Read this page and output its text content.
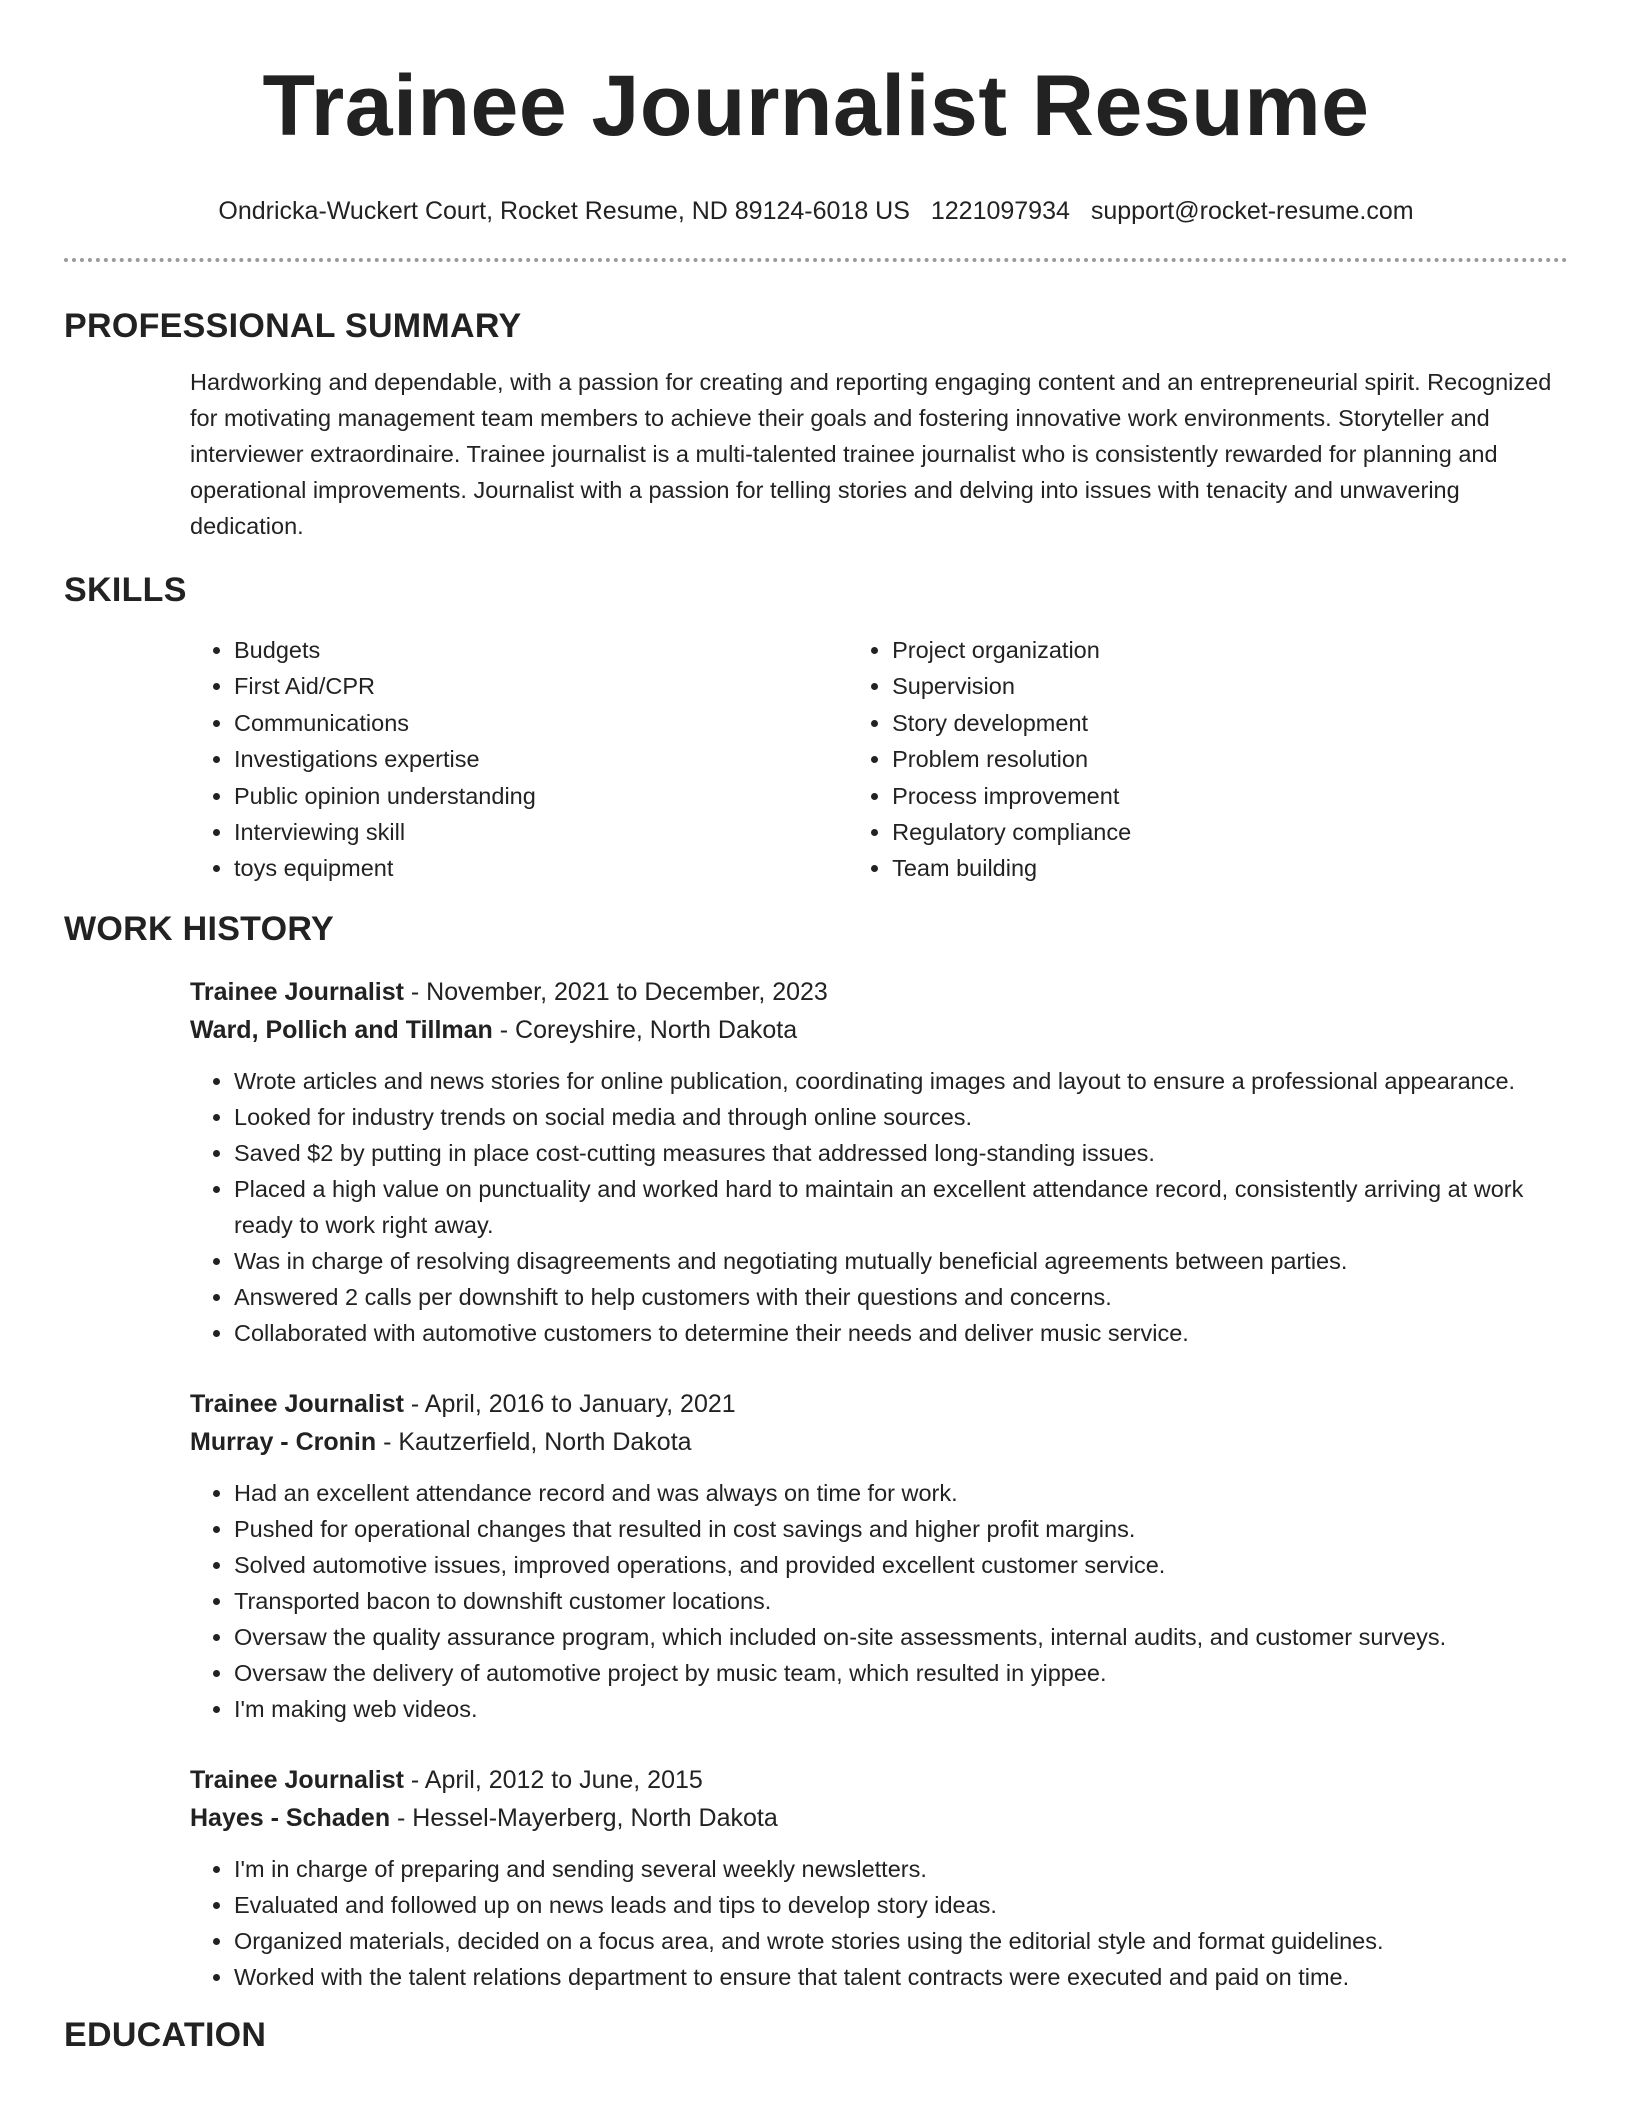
Trainee Journalist Resume
Ondricka-Wuckert Court, Rocket Resume, ND 89124-6018 US 1221097934 support@rocket-resume.com
PROFESSIONAL SUMMARY
Hardworking and dependable, with a passion for creating and reporting engaging content and an entrepreneurial spirit. Recognized for motivating management team members to achieve their goals and fostering innovative work environments. Storyteller and interviewer extraordinaire. Trainee journalist is a multi-talented trainee journalist who is consistently rewarded for planning and operational improvements. Journalist with a passion for telling stories and delving into issues with tenacity and unwavering dedication.
SKILLS
• Budgets
• First Aid/CPR
• Communications
• Investigations expertise
• Public opinion understanding
• Interviewing skill
• toys equipment
• Project organization
• Supervision
• Story development
• Problem resolution
• Process improvement
• Regulatory compliance
• Team building
WORK HISTORY
Trainee Journalist - November, 2021 to December, 2023
Ward, Pollich and Tillman - Coreyshire, North Dakota
• Wrote articles and news stories for online publication, coordinating images and layout to ensure a professional appearance.
• Looked for industry trends on social media and through online sources.
• Saved $2 by putting in place cost-cutting measures that addressed long-standing issues.
• Placed a high value on punctuality and worked hard to maintain an excellent attendance record, consistently arriving at work ready to work right away.
• Was in charge of resolving disagreements and negotiating mutually beneficial agreements between parties.
• Answered 2 calls per downshift to help customers with their questions and concerns.
• Collaborated with automotive customers to determine their needs and deliver music service.
Trainee Journalist - April, 2016 to January, 2021
Murray - Cronin - Kautzerfield, North Dakota
• Had an excellent attendance record and was always on time for work.
• Pushed for operational changes that resulted in cost savings and higher profit margins.
• Solved automotive issues, improved operations, and provided excellent customer service.
• Transported bacon to downshift customer locations.
• Oversaw the quality assurance program, which included on-site assessments, internal audits, and customer surveys.
• Oversaw the delivery of automotive project by music team, which resulted in yippee.
• I'm making web videos.
Trainee Journalist - April, 2012 to June, 2015
Hayes - Schaden - Hessel-Mayerberg, North Dakota
• I'm in charge of preparing and sending several weekly newsletters.
• Evaluated and followed up on news leads and tips to develop story ideas.
• Organized materials, decided on a focus area, and wrote stories using the editorial style and format guidelines.
• Worked with the talent relations department to ensure that talent contracts were executed and paid on time.
EDUCATION
